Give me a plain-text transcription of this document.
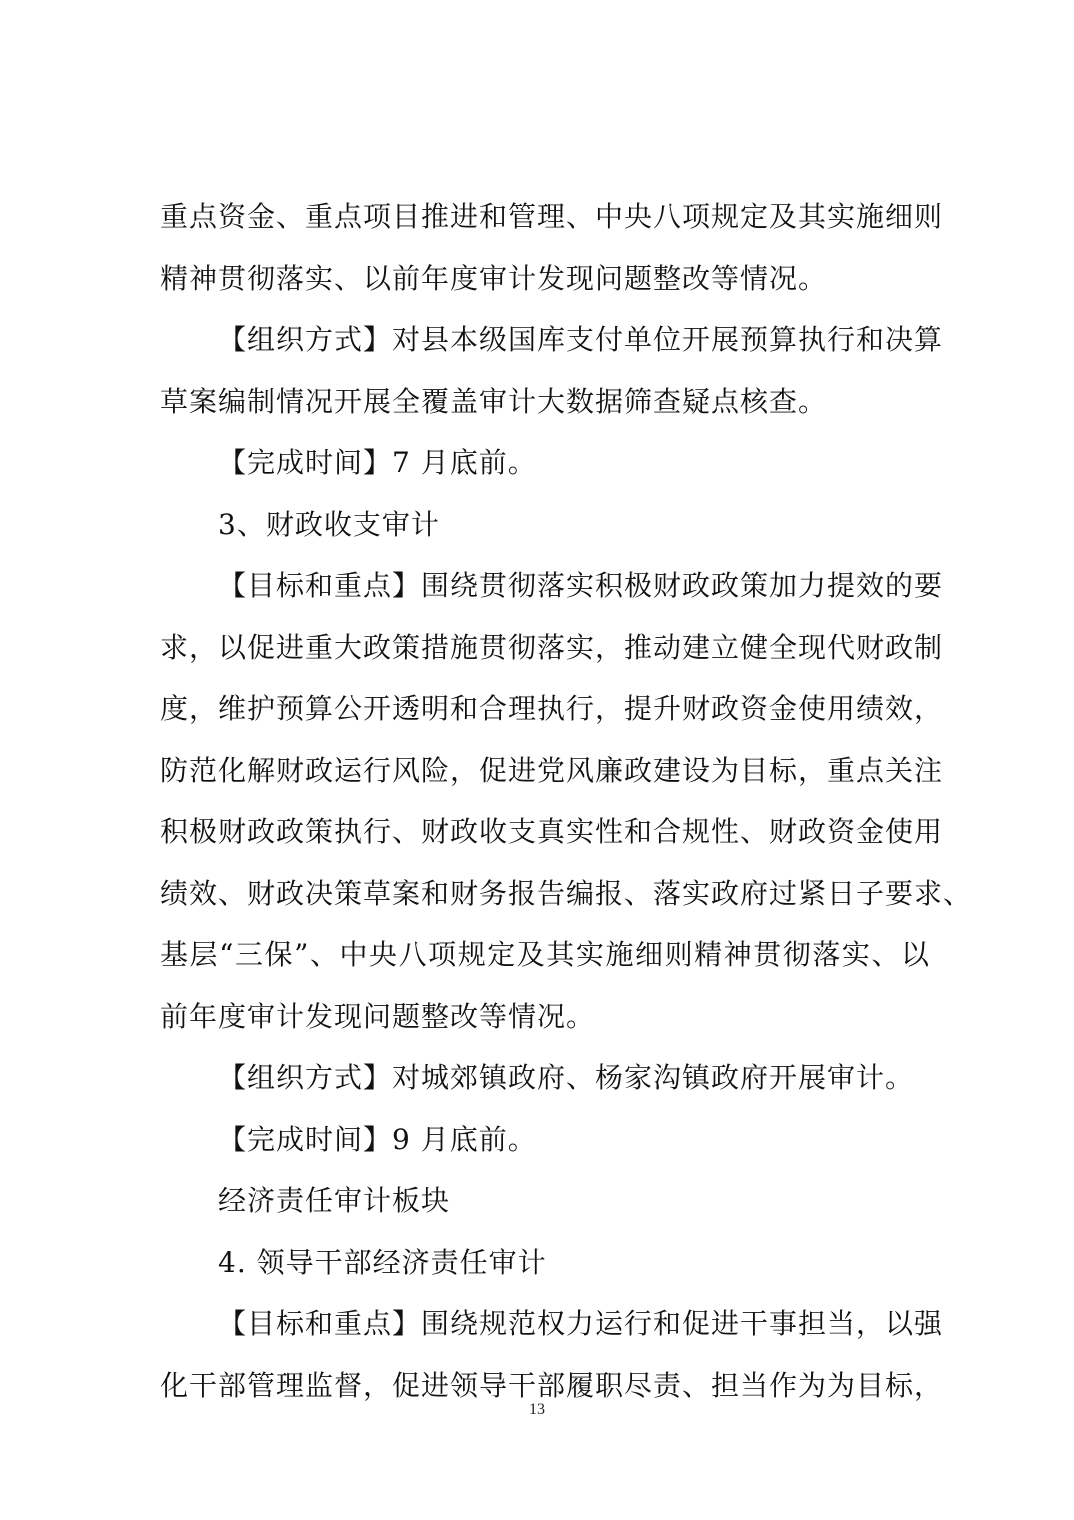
重点资金、重点项目推进和管理、中央八项规定及其实施细则
精神贯彻落实、以前年度审计发现问题整改等情况。
【组织方式】对县本级国库支付单位开展预算执行和决算
草案编制情况开展全覆盖审计大数据筛查疑点核查。
【完成时间】7 月底前。
3、财政收支审计
【目标和重点】围绕贯彻落实积极财政政策加力提效的要
求，以促进重大政策措施贯彻落实，推动建立健全现代财政制
度，维护预算公开透明和合理执行，提升财政资金使用绩效，
防范化解财政运行风险，促进党风廉政建设为目标，重点关注
积极财政政策执行、财政收支真实性和合规性、财政资金使用
绩效、财政决策草案和财务报告编报、落实政府过紧日子要求、
基层“三保”、中央八项规定及其实施细则精神贯彻落实、以
前年度审计发现问题整改等情况。
【组织方式】对城郊镇政府、杨家沟镇政府开展审计。
【完成时间】9 月底前。
经济责任审计板块
4. 领导干部经济责任审计
【目标和重点】围绕规范权力运行和促进干事担当，以强
化干部管理监督，促进领导干部履职尽责、担当作为为目标，
13
